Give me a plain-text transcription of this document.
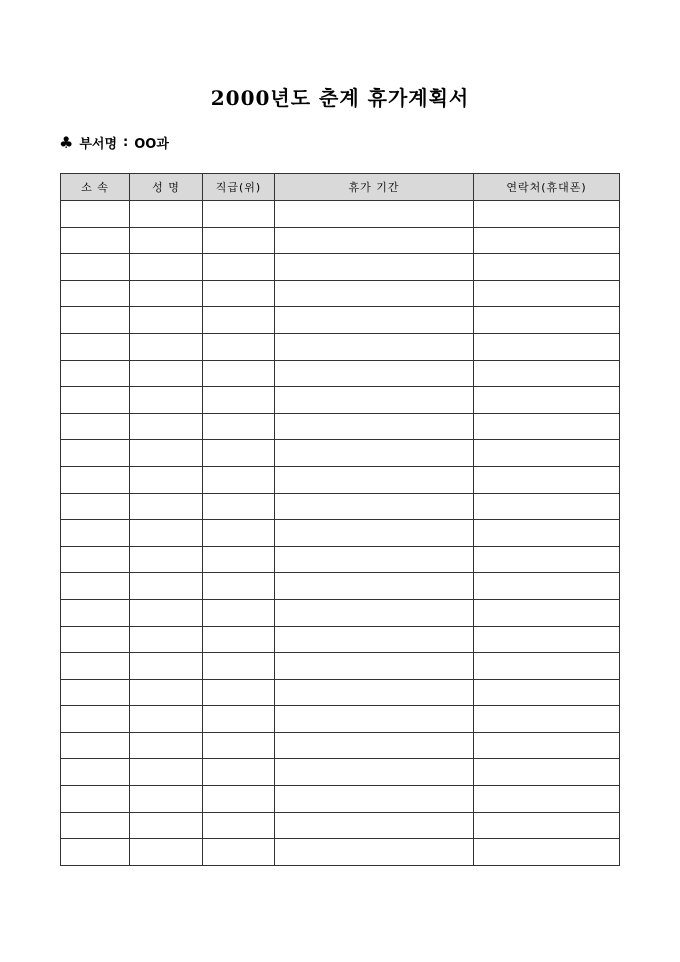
2000년도 춘계 휴가계획서
♣ 부서명 : OO과
소 속	성 명	직급(위)	휴가 기간	연락처(휴대폰)
